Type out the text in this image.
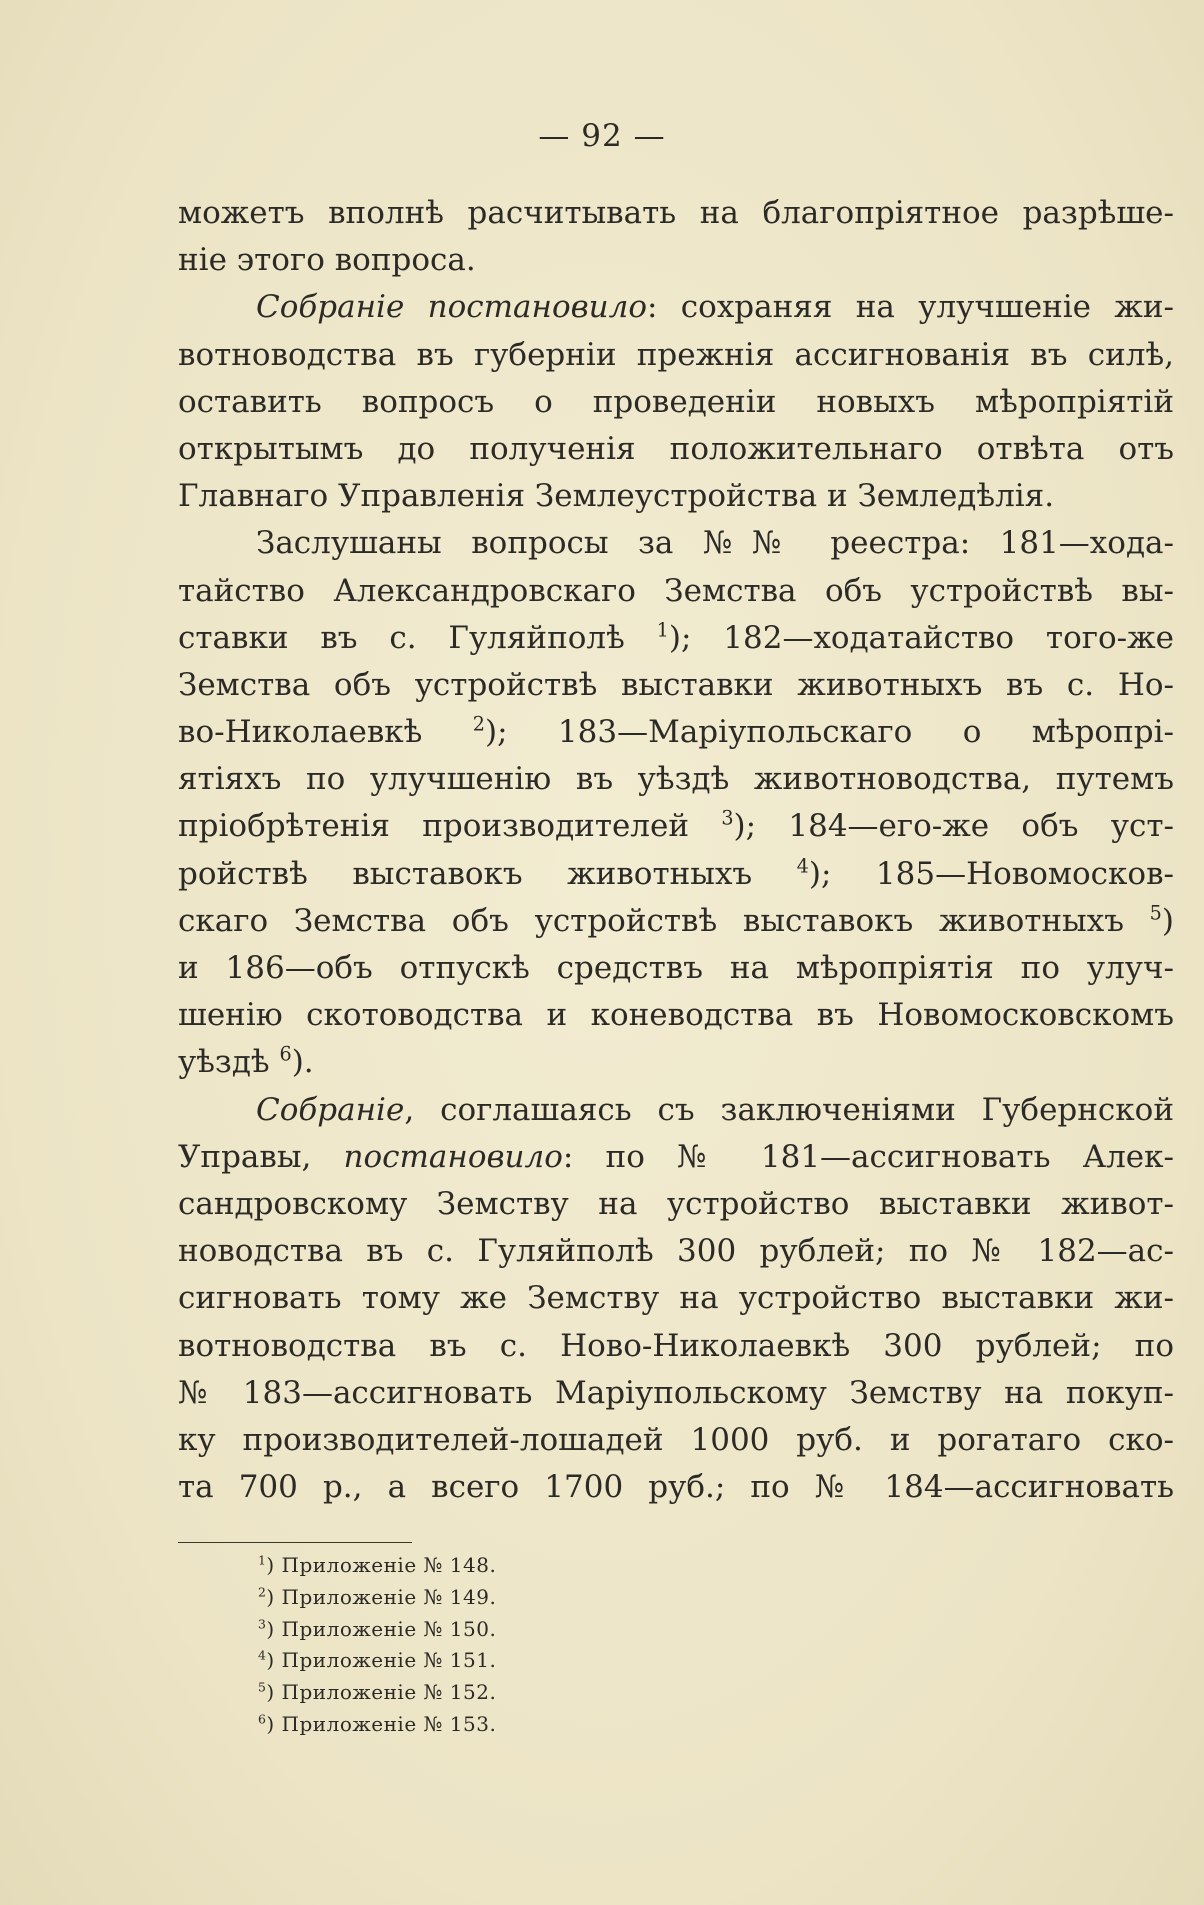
— 92 —
можетъ вполнѣ расчитывать на благопріятное разрѣше-
ніе этого вопроса.
Собраніе постановило: сохраняя на улучшеніе жи-
вотноводства въ губерніи прежнія ассигнованія въ силѣ,
оставить вопросъ о проведеніи новыхъ мѣропріятій
открытымъ до полученія положительнаго отвѣта отъ
Главнаго Управленія Землеустройства и Земледѣлія.
Заслушаны вопросы за №№ реестра: 181—хода-
тайство Александровскаго Земства объ устройствѣ вы-
ставки въ с. Гуляйполѣ $^1$); 182—ходатайство того-же
Земства объ устройствѣ выставки животныхъ въ с. Но-
во-Николаевкѣ $^2$); 183—Маріупольскаго о мѣропрі-
ятіяхъ по улучшенію въ уѣздѣ животноводства, путемъ
пріобрѣтенія производителей $^3$); 184—его-же объ уст-
ройствѣ выставокъ животныхъ $^4$); 185—Новомосков-
скаго Земства объ устройствѣ выставокъ животныхъ $^5$)
и 186—объ отпускѣ средствъ на мѣропріятія по улуч-
шенію скотоводства и коневодства въ Новомосковскомъ
уѣздѣ $^6$).
Собраніе, соглашаясь съ заключеніями Губернской
Управы, постановило: по № 181—ассигновать Алек-
сандровскому Земству на устройство выставки живот-
новодства въ с. Гуляйполѣ 300 рублей; по № 182—ас-
сигновать тому же Земству на устройство выставки жи-
вотноводства въ с. Ново-Николаевкѣ 300 рублей; по
№ 183—ассигновать Маріупольскому Земству на покуп-
ку производителей-лошадей 1000 руб. и рогатаго ско-
та 700 р., а всего 1700 руб.; по № 184—ассигновать
$^1$) Приложеніе № 148.
$^2$) Приложеніе № 149.
$^3$) Приложеніе № 150.
$^4$) Приложеніе № 151.
$^5$) Приложеніе № 152.
$^6$) Приложеніе № 153.
